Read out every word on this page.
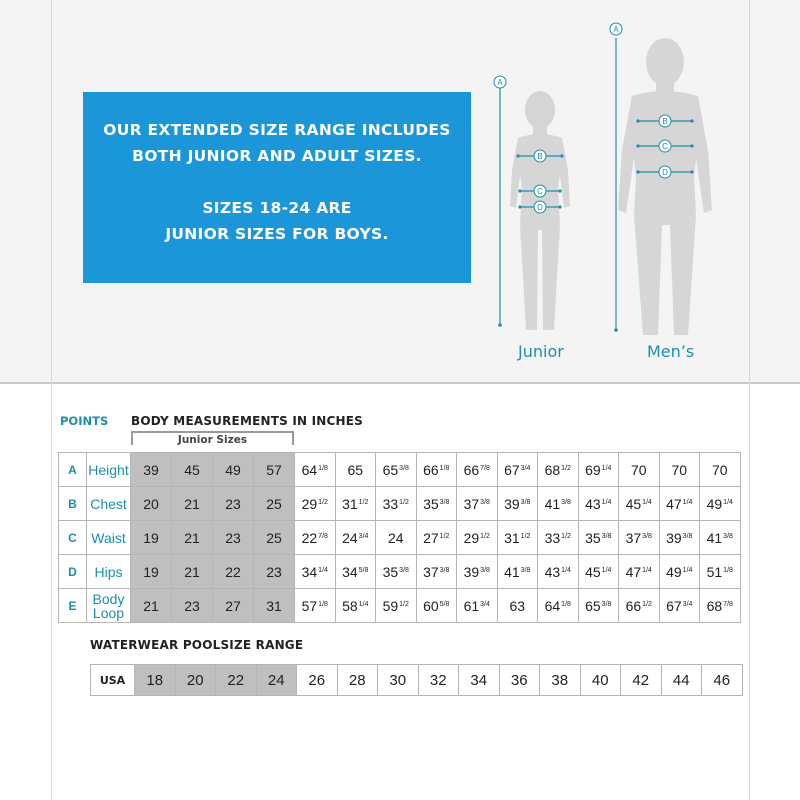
OUR EXTENDED SIZE RANGE INCLUDES
BOTH JUNIOR AND ADULT SIZES.
SIZES 18-24 ARE
JUNIOR SIZES FOR BOYS.
A
A
B
C
D
B
C
D
Junior	Men’s
POINTS BODY MEASUREMENTS IN INCHES
Junior Sizes
A	Height	39	45	49	57	$64^{1/8}$	65	$65^{3/8}$	$66^{1/8}$	$66^{7/8}$	$67^{3/4}$	$68^{1/2}$	$69^{1/4}$	70	70	70
B	Chest	20	21	23	25	$29^{1/2}$	$31^{1/2}$	$33^{1/2}$	$35^{3/8}$	$37^{3/8}$	$39^{3/8}$	$41^{3/8}$	$43^{1/4}$	$45^{1/4}$	$47^{1/4}$	$49^{1/4}$
C	Waist	19	21	23	25	$22^{7/8}$	$24^{3/4}$	24	$27^{1/2}$	$29^{1/2}$	$31^{1/2}$	$33^{1/2}$	$35^{3/8}$	$37^{3/8}$	$39^{3/8}$	$41^{3/8}$
D	Hips	19	21	22	23	$34^{1/4}$	$34^{5/8}$	$35^{3/8}$	$37^{3/8}$	$39^{3/8}$	$41^{3/8}$	$43^{1/4}$	$45^{1/4}$	$47^{1/4}$	$49^{1/4}$	$51^{1/8}$
E	Body Loop	21	23	27	31	$57^{1/8}$	$58^{1/4}$	$59^{1/2}$	$60^{5/8}$	$61^{3/4}$	63	$64^{1/8}$	$65^{3/8}$	$66^{1/2}$	$67^{3/4}$	$68^{7/8}$
WATERWEAR POOLSIZE RANGE
USA	18	20	22	24	26	28	30	32	34	36	38	40	42	44	46
